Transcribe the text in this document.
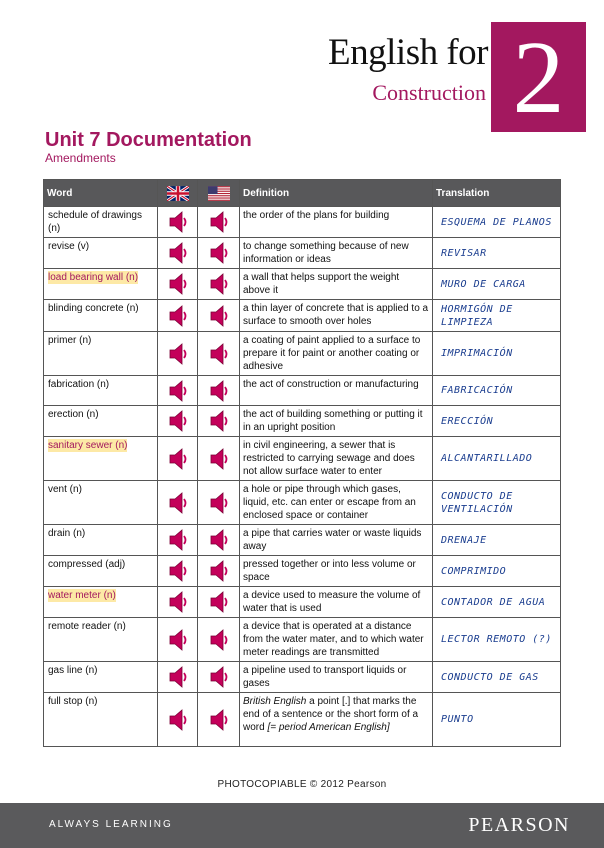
English for
Construction 2
Unit 7 Documentation
Amendments
Word			Definition	Translation
schedule of drawings (n)			the order of the plans for building	ESQUEMA DE PLANOS
revise (v)			to change something because of new information or ideas	REVISAR
load bearing wall (n)			a wall that helps support the weight above it	MURO DE CARGA
blinding concrete (n)			a thin layer of concrete that is applied to a surface to smooth over holes	HORMIGÓN DE LIMPIEZA
primer (n)			a coating of paint applied to a surface to prepare it for paint or another coating or adhesive	IMPRIMACIÓN
fabrication (n)			the act of construction or manufacturing	FABRICACIÓN
erection (n)			the act of building something or putting it in an upright position	ERECCIÓN
sanitary sewer (n)			in civil engineering, a sewer that is restricted to carrying sewage and does not allow surface water to enter	ALCANTARILLADO
vent (n)			a hole or pipe through which gases, liquid, etc. can enter or escape from an enclosed space or container	CONDUCTO DE VENTILACIÓN
drain (n)			a pipe that carries water or waste liquids away	DRENAJE
compressed (adj)			pressed together or into less volume or space	COMPRIMIDO
water meter (n)			a device used to measure the volume of water that is used	CONTADOR DE AGUA
remote reader (n)			a device that is operated at a distance from the water mater, and to which water meter readings are transmitted	LECTOR REMOTO (?)
gas line (n)			a pipeline used to transport liquids or gases	CONDUCTO DE GAS
full stop (n)			British English a point [.] that marks the end of a sentence or the short form of a word [= period American English]	PUNTO
PHOTOCOPIABLE © 2012 Pearson
ALWAYS LEARNING	PEARSON
